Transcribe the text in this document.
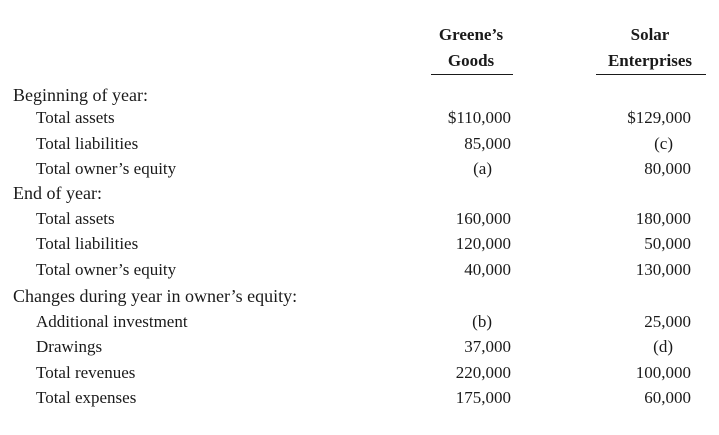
Greene’s
Goods
Solar
Enterprises
Beginning of year:
Total assets	$110,000	$129,000
Total liabilities	85,000	(c)
Total owner’s equity	(a)	80,000
End of year:
Total assets	160,000	180,000
Total liabilities	120,000	50,000
Total owner’s equity	40,000	130,000
Changes during year in owner’s equity:
Additional investment	(b)	25,000
Drawings	37,000	(d)
Total revenues	220,000	100,000
Total expenses	175,000	60,000
